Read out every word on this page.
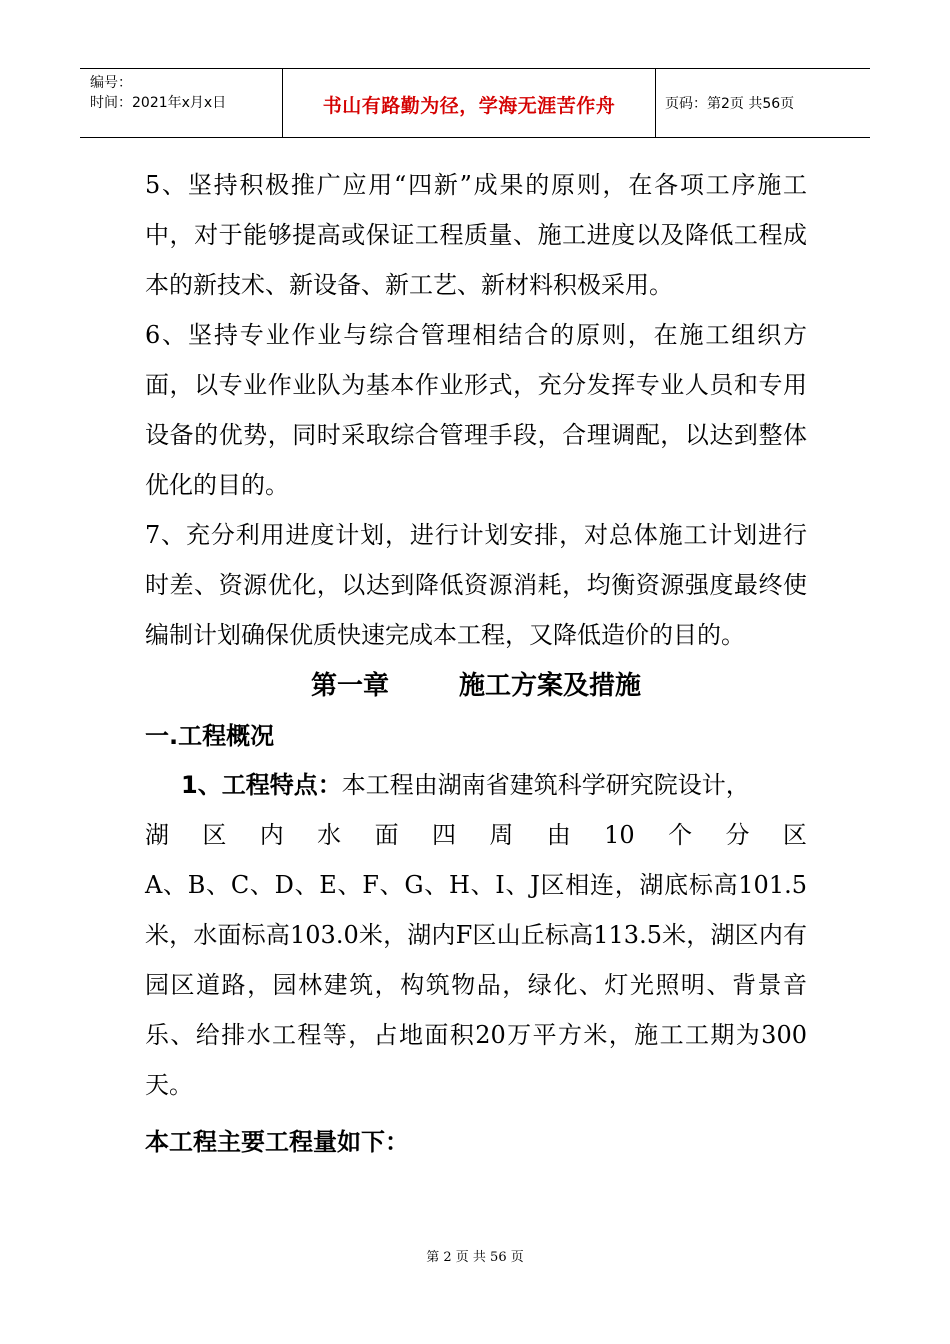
编号：
时间：2021年x月x日	书山有路勤为径，学海无涯苦作舟	页码：第2页 共56页

5、坚持积极推广应用“四新”成果的原则，在各项工序施工中，对于能够提高或保证工程质量、施工进度以及降低工程成本的新技术、新设备、新工艺、新材料积极采用。

6、坚持专业作业与综合管理相结合的原则，在施工组织方面，以专业作业队为基本作业形式，充分发挥专业人员和专用设备的优势，同时采取综合管理手段，合理调配，以达到整体优化的目的。

7、充分利用进度计划，进行计划安排，对总体施工计划进行时差、资源优化，以达到降低资源消耗，均衡资源强度最终使编制计划确保优质快速完成本工程，又降低造价的目的。

第一章	施工方案及措施

一.工程概况

1、工程特点：本工程由湖南省建筑科学研究院设计，

湖 区 内 水 面 四 周 由 10 个 分 区

A、B、C、D、E、F、G、H、I、J区相连，湖底标高101.5米，水面标高103.0米，湖内F区山丘标高113.5米，湖区内有园区道路，园林建筑，构筑物品，绿化、灯光照明、背景音乐、给排水工程等，占地面积20万平方米，施工工期为300天。

本工程主要工程量如下：

第 2 页 共 56 页
